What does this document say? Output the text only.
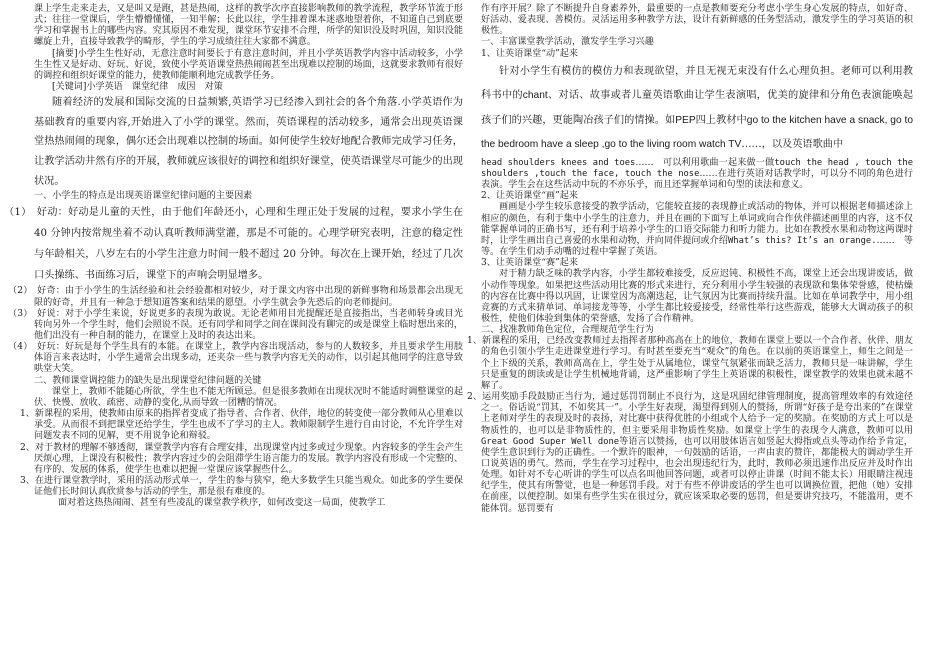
课上学生走来走去，又是叫又是跑，甚是热闹，这样的教学次序直接影响教师的教学流程，教学环节流于形式；往往一堂课后，学生懵懵懂懂，一知半解；长此以往，学生排着课本迷惑地望着你，不知道自己到底要学习和掌握书上的哪些内容。究其原因不难发现，课堂环节安排不合理，所学的知识没及时巩固，知识没能螺旋上升，直接导致教学的畸形，学生的学习成绩往往大家都不满意。

[摘要]小学生生性好动，无意注意时间要长于有意注意时间，并且小学英语教学内容中活动较多，小学生生性又是好动、好玩、好说，致使小学英语课堂热热闹闹甚至出现难以控制的场面，这就要求教师有很好的调控和组织好课堂的能力，使教师能顺利地完成教学任务。

[关键词]小学英语　课堂纪律　成因　对策

随着经济的发展和国际交流的日益频繁,英语学习已经渗入到社会的各个角落.小学英语作为基础教育的重要内容,开始进入了小学的课堂。然而，英语课程的活动较多，通常会出现英语课堂热热闹闹的现象，偶尔还会出现难以控制的场面。如何使学生较好地配合教师完成学习任务，让教学活动井然有序的开展，教师就应该很好的调控和组织好课堂，使英语课堂尽可能少的出现状况。

一、小学生的特点是出现英语课堂纪律问题的主要因素

（1）　好动：好动是儿童的天性，由于他们年龄还小，心理和生理正处于发展的过程，要求小学生在 40 分钟内按常规坐着不动认真听教师满堂灌，那是不可能的。心理学研究表明，注意的稳定性与年龄相关，八岁左右的小学生注意力时间一般不超过 20 分钟。每次在上课开始，经过了几次口头操练、书面练习后，课堂下的声响会明显增多。

（2）　好奇：由于小学生的生活经验和社会经验都相对较少，对于课文内容中出现的新鲜事物和场景都会出现无限的好奇，并且有一种急于想知道答案和结果的愿望。小学生就会争先恐后的向老师提问。

（3）　好说：对于小学生来说，好说更多的表现为敢说。无论老师用目光提醒还是直接指出，当老师转身或目光转向另外一个学生时，他们会照说不误。还有同学和同学之间在课间没有聊完的或是课堂上临时想出来的，他们出没有一种自制的能力，在课堂上及时的表达出来。

（4）　好玩：好玩是每个学生具有的本能。在课堂上，教学内容出现活动，参与的人数较多，并且要求学生用肢体语言来表达时，小学生通常会出现多动，还夹杂一些与教学内容无关的动作，以引起其他同学的注意导致哄堂大笑。

二、教师课堂调控能力的缺失是出现课堂纪律问题的关键

课堂上，教师不能随心所欲，学生也不能无所顾忌。但是很多教师在出现状况时不能适时调整课堂的起伏、快慢、放收、疏密、动静的变化,从而导致一团糟的情况。

1、新课程的采用，使教师由原来的指挥者变成了指导者、合作者、伙伴，地位的转变使一部分教师从心里难以承受。从而很不到把课堂还给学生，学生也成不了学习的主人。教师限制学生进行自由讨论，不允许学生对问题发表不同的见解，更不用说争论和辩驳。

2、对于教材的理解不够透彻，课堂教学内容有合理安排，出现课堂内过多或过少现象。内容较多的学生会产生厌烦心理，上课没有积极性；教学内容过少的会阻滞学生语言能力的发展。教学内容没有形成一个完整的、有序的、发展的体系，使学生也难以把握一堂课应该掌握些什么。

3、在进行课堂教学时，采用的活动形式单一，学生的参与狭窄，绝大多数学生只能当观众。如此多的学生要保证他们长时间认真欣赏参与活动的学生，那是很有难度的。

面对着这热热闹闹、甚至有些凌乱的课堂教学秩序，如何改变这一局面，使教学工

作有序开展？除了不断提升自身素养外，最重要的一点是教师要充分考虑小学生身心发展的特点，如好奇、好活动、爱表现、善模仿。灵活运用多种教学方法，设计有新鲜感的任务型活动，激发学生的学习英语的积极性。

一、丰富课堂教学活动，激发学生学习兴趣

1、让英语课堂“动”起来

针对小学生有模仿的模仿力和表现欲望，并且无视无束没有什么心理负担。老师可以利用教科书中的chant、对话、故事或者儿童英语歌曲让学生表演唱，优美的旋律和分角色表演能唤起孩子们的兴趣，更能陶冶孩子们的情操。如PEP四上教材中go to the kitchen have a snack, go to the bedroom have a sleep ,go to the living room watch TV……，以及英语歌曲中

head shoulders knees and toes……　可以利用歌曲一起来做一做touch the head , touch the shoulders ,touch the face, touch the nose……在进行英语对话教学时，可以分不同的角色进行表演。学生会在这些活动中玩的不亦乐乎，而且还掌握单词和句型的读法和意义。

2、让英语课堂“画”起来

画画是小学生较乐意接受的教学活动，它能较直接的表现静止或活动的物体，并可以根据老师描述涂上相应的颜色，有利于集中小学生的注意力，并且在画的下面写上单词或向合作伙伴描述画里的内容，这不仅能掌握单词的正确书写，还有利于培养小学生的口语交际能力和听力能力。比如在教授水果和动物这两课时时，让学生画出自己喜爱的水果和动物，并向同伴提问或介绍What’s this? It’s an orange.……　等等。在学生们动手动嘴的过程中掌握了英语。

3、让英语课堂“赛”起来

对于精力缺乏味的教学内容，小学生都较难接受，反应迟钝、积极性不高，课堂上还会出现讲废话，做小动作等现象。如果把这些活动用比赛的形式来进行，充分利用小学生较强的表现欲和集体荣誉感，使枯燥的内容在比赛中得以巩固，让课堂因为高潮迭起，让气氛因为比赛而持续升温。比如在单词教学中，用小组竞赛的方式来猜单词、单词接龙等等，小学生都比较爱接受，经常性举行这些游戏，能够大大调动孩子的积极性，使他们体验到集体的荣誉感，发扬了合作精神。

二、找准教师角色定位，合理规范学生行为

1、新课程的采用，已经改变教师过去指挥者那种高高在上的地位，教师在课堂上要以一个合作者、伙伴、朋友的角色引领小学生走进课堂进行学习。有时甚至要充当“观众”的角色。在以前的英语课堂上，师生之间是一个上下级的关系，教师高高在上，学生处于从属地位，课堂气氛紧张而缺乏活力，教师只是一味讲解，学生只是重复的朗读或是让学生机械地背诵，这严重影响了学生上英语课的积极性，课堂教学的效果也就未越不解了。

2、运用奖励手段鼓励正当行为，通过惩罚罚制止不良行为，这是巩固纪律管理制度，提高管理效率的有效途径之一。俗话说“罚其，不如奖其一”。小学生好表现，渴望得到别人的赞扬，所谓“好孩子是夸出来的”在课堂上老师对学生的表现及时的表扬，对比赛中获得优胜的小组或个人给予一定的奖励。在奖励的方式上可以是物质性的，也可以是非物质性的，但主要采用非物质性奖励。如课堂上学生的表现令人满意，教师可以用Great Good Super Well done等语言以赞扬，也可以用肢体语言如竖起大拇指或点头等动作给予肯定，使学生意识到行为的正确性。一个默许的眼神，一句鼓励的话语，一声由衷的赞许，都能极大的调动学生开口说英语的勇气。然而，学生在学习过程中，也会出现违纪行为，此时，教师必须迅速作出反应并及时作出处理。如针对不专心听讲的学生可以点名叫他回答问题，或者可以停止讲课（时间不能太长）用眼睛注视违纪学生，使其有所警觉，也是一种惩罚手段。对于有些不停讲废话的学生也可以调换位置，把他（她）安排在前座，以便控制。如果有些学生实在很过分，就应该采取必要的惩罚，但是要讲究技巧，不能滥用，更不能体罚。惩罚要有
